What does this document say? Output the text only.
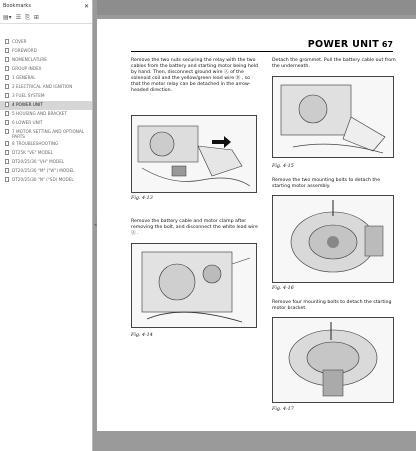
Bookmarks	✕
▤▾ ☰ ⎘ ⊞
COVER
FOREWORD
NOMENCLATURE
GROUP INDEX
1 GENERAL
2 ELECTRICAL AND IGNITION
3 FUEL SYSTEM
4 POWER UNIT
5 HOUSING AND BRACKET
6 LOWER UNIT
7 MOTOR SETTING AND OPTIONAL PARTS
8 TROUBLESHOOTING
DT25K "VE" MODEL
DT20/25/30 "VH" MODEL
DT20/25/30 "M" ("W") MODEL
DT20/25/30 "N" ("SD) MODEL
◂
POWER UNIT 67
Remove the two nuts securing the relay with the two cables from the battery and starting motor being held by hand. Then, disconnect ground wire Ⓐ of the solenoid coil and the yellow/green lead wire Ⓑ , so that the motor relay can be detached in the arrow-headed direction.
Fig. 4-13
Remove the battery cable and motor clamp after removing the bolt, and disconnect the white lead wire Ⓐ .
Fig. 4-14
Detach the grommet. Pull the battery cable out from the underneath.
Fig. 4-15
Remove the two mounting bolts to detach the starting motor assembly.
Fig. 4-16
Remove four mounting bolts to detach the starting motor bracket.
Fig. 4-17
